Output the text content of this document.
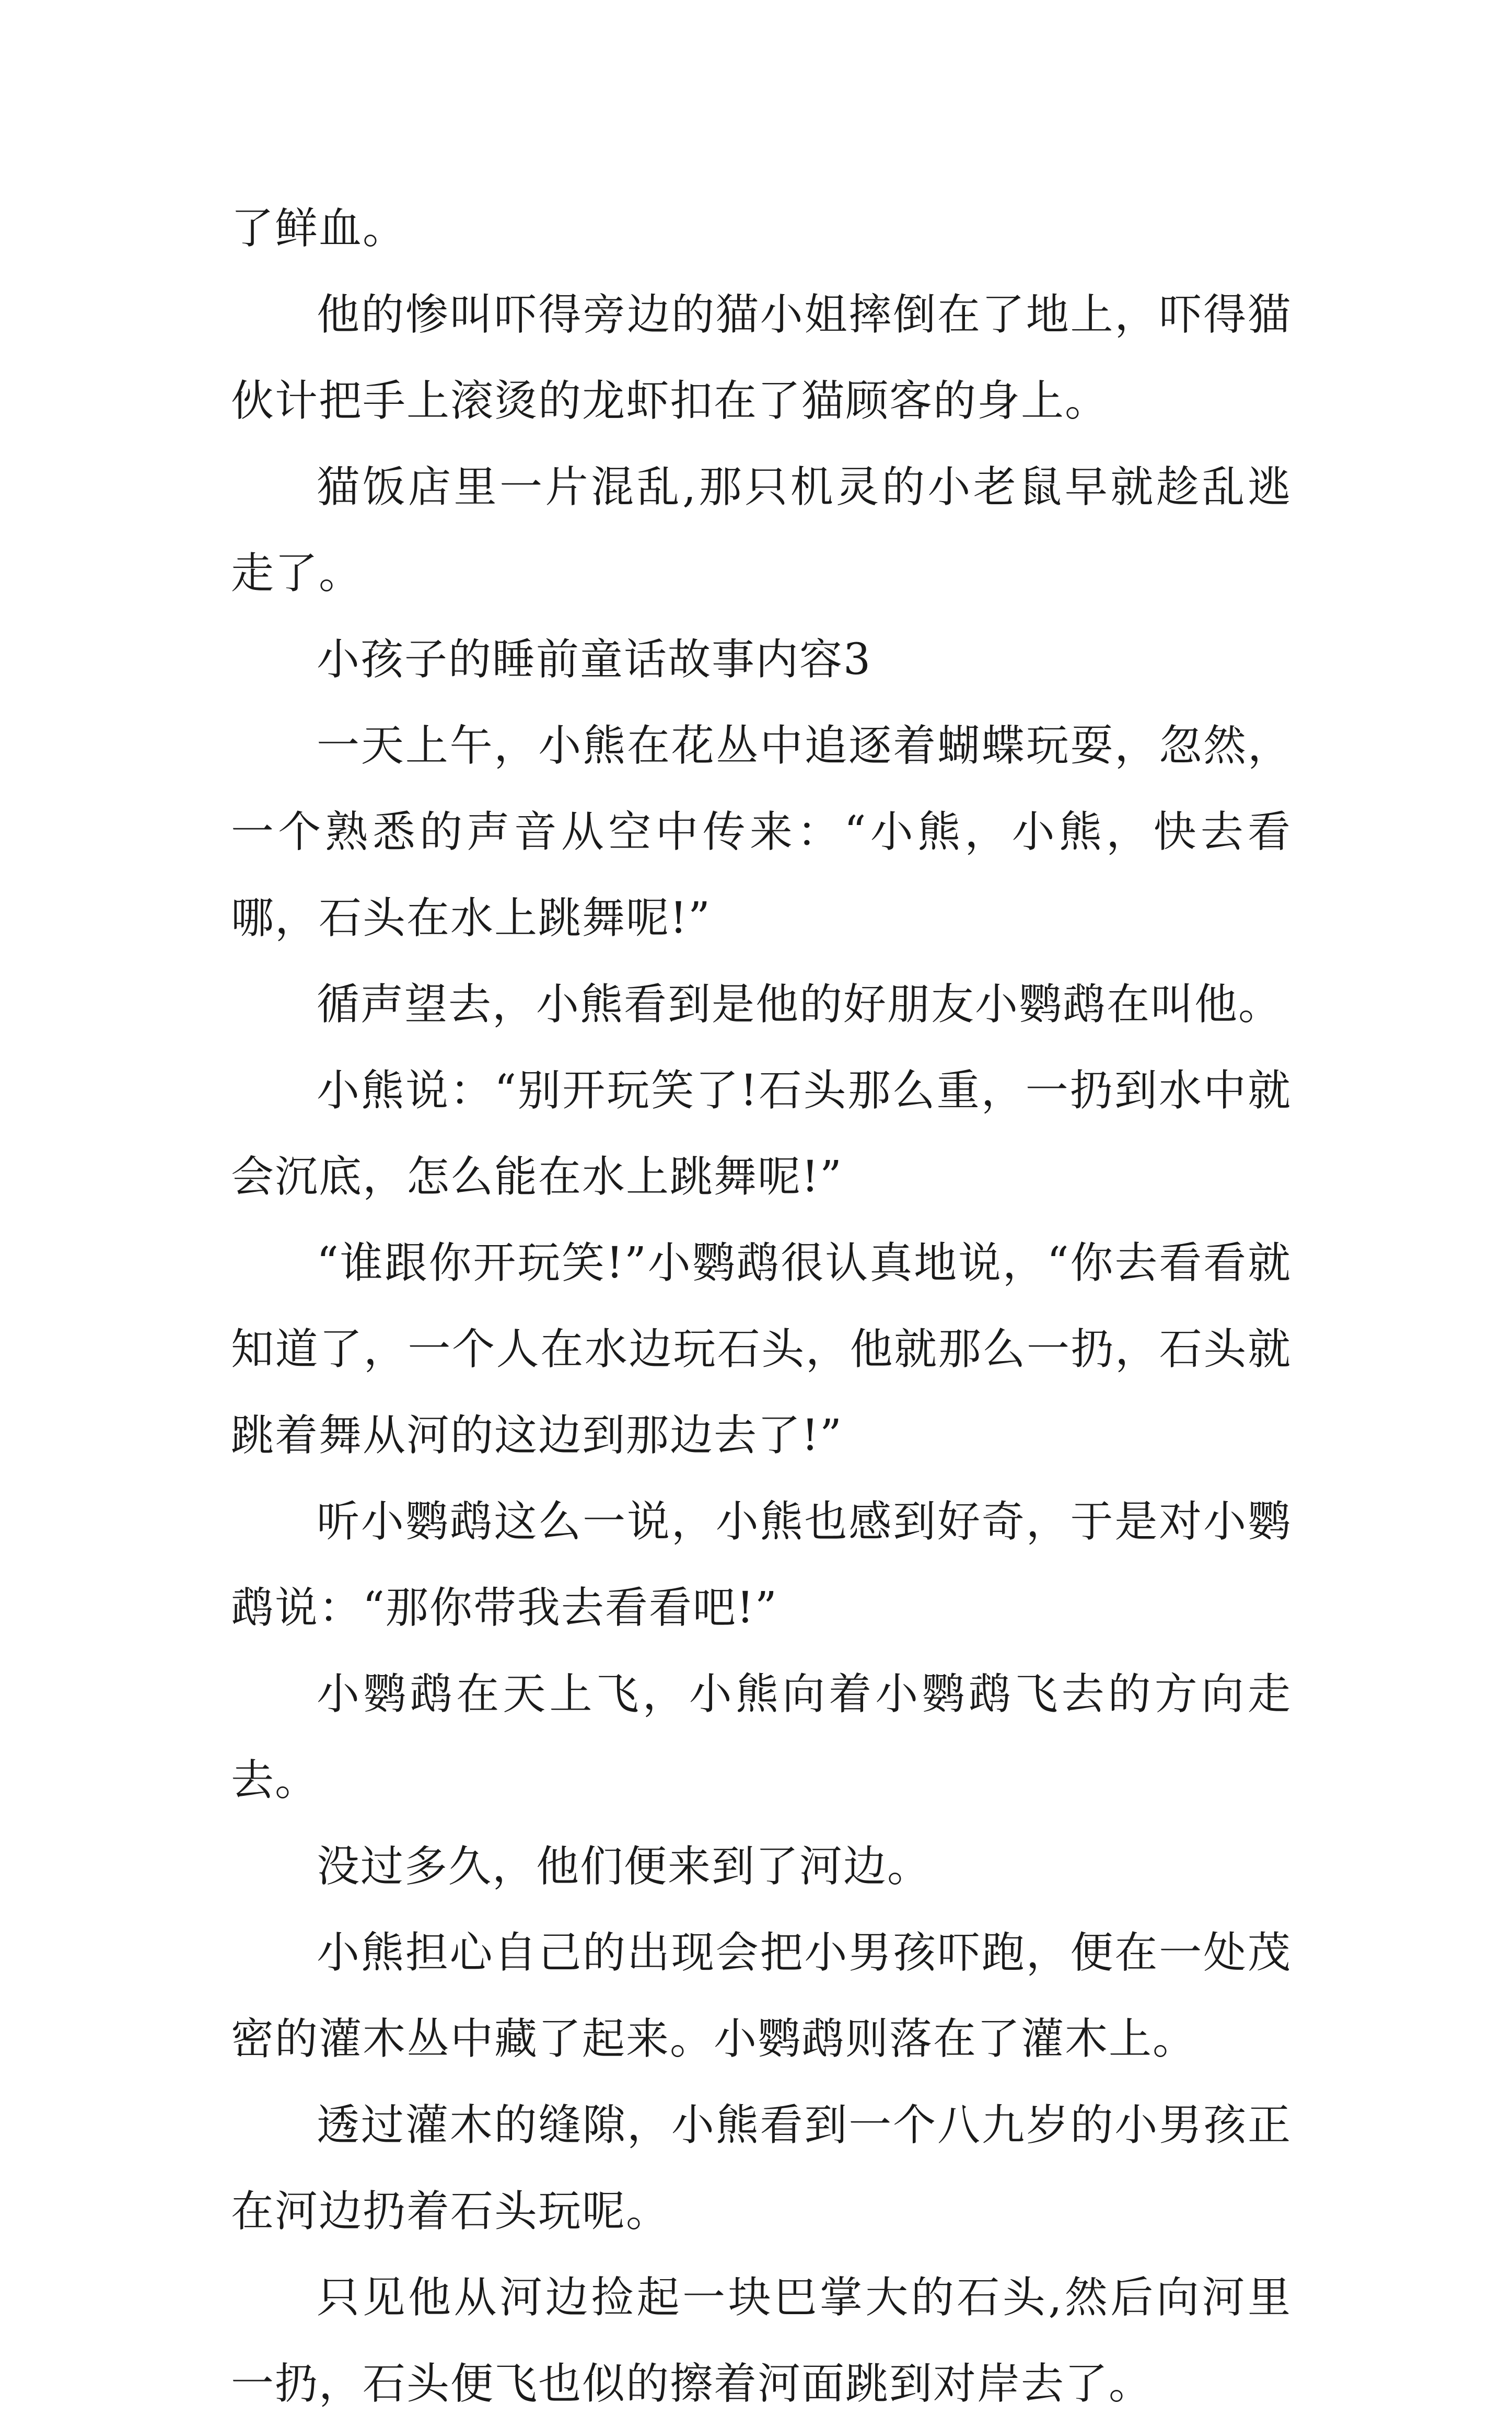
了鲜血。

他的惨叫吓得旁边的猫小姐摔倒在了地上，吓得猫伙计把手上滚烫的龙虾扣在了猫顾客的身上。

猫饭店里一片混乱,那只机灵的小老鼠早就趁乱逃走了。

小孩子的睡前童话故事内容3

一天上午，小熊在花丛中追逐着蝴蝶玩耍，忽然，一个熟悉的声音从空中传来：“小熊，小熊，快去看哪，石头在水上跳舞呢!”

循声望去，小熊看到是他的好朋友小鹦鹉在叫他。

小熊说：“别开玩笑了!石头那么重，一扔到水中就会沉底，怎么能在水上跳舞呢!”

“谁跟你开玩笑!”小鹦鹉很认真地说，“你去看看就知道了，一个人在水边玩石头，他就那么一扔，石头就跳着舞从河的这边到那边去了!”

听小鹦鹉这么一说，小熊也感到好奇，于是对小鹦鹉说：“那你带我去看看吧!”

小鹦鹉在天上飞，小熊向着小鹦鹉飞去的方向走去。

没过多久，他们便来到了河边。

小熊担心自己的出现会把小男孩吓跑，便在一处茂密的灌木丛中藏了起来。小鹦鹉则落在了灌木上。

透过灌木的缝隙，小熊看到一个八九岁的小男孩正在河边扔着石头玩呢。

只见他从河边捡起一块巴掌大的石头,然后向河里一扔，石头便飞也似的擦着河面跳到对岸去了。
